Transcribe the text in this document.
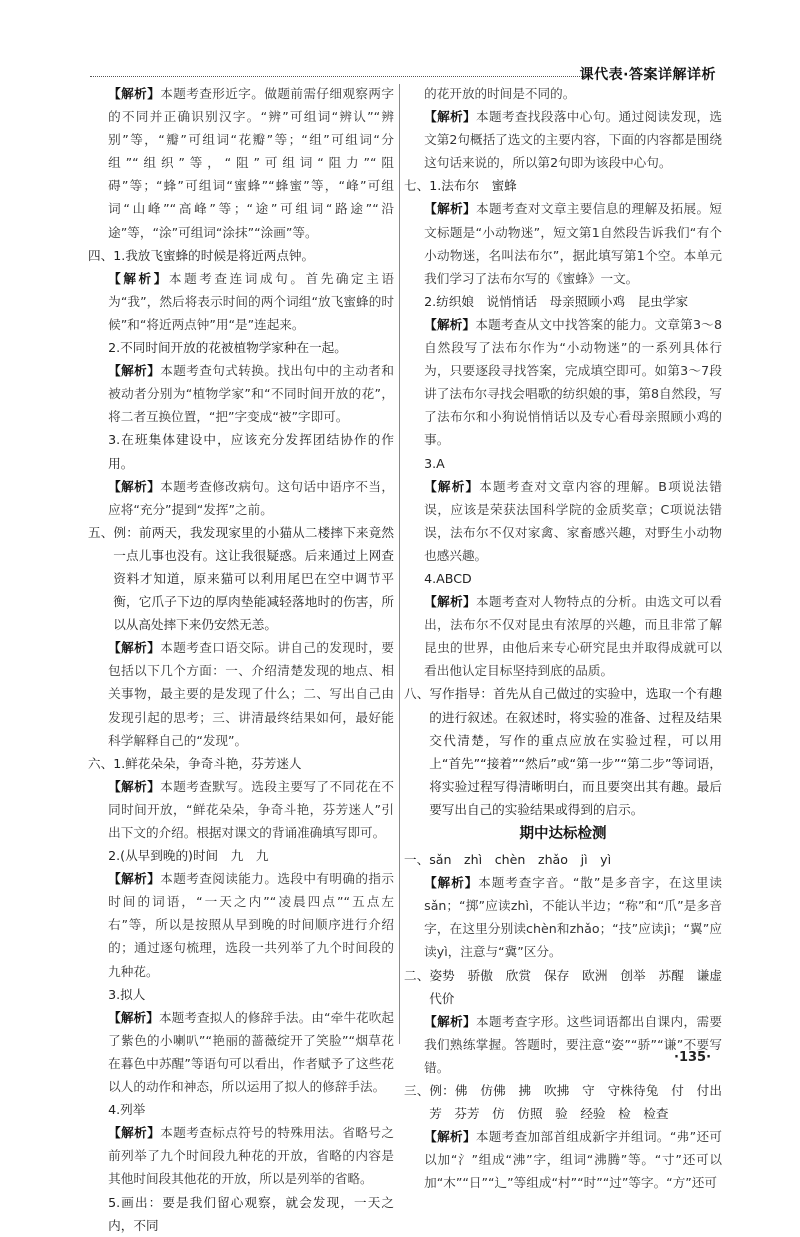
课代表·答案详解详析

【解析】本题考查形近字。做题前需仔细观察两字的不同并正确识别汉字。“辨”可组词“辨认”“辨别”等，“瓣”可组词“花瓣”等；“组”可组词“分组”“组织”等，“阻”可组词“阻力”“阻碍”等；“蜂”可组词“蜜蜂”“蜂蜜”等，“峰”可组词“山峰”“高峰”等；“途”可组词“路途”“沿途”等，“涂”可组词“涂抹”“涂画”等。

四、1.我放飞蜜蜂的时候是将近两点钟。

【解析】本题考查连词成句。首先确定主语为“我”，然后将表示时间的两个词组“放飞蜜蜂的时候”和“将近两点钟”用“是”连起来。

2.不同时间开放的花被植物学家种在一起。

【解析】本题考查句式转换。找出句中的主动者和被动者分别为“植物学家”和“不同时间开放的花”，将二者互换位置，“把”字变成“被”字即可。

3.在班集体建设中，应该充分发挥团结协作的作用。

【解析】本题考查修改病句。这句话中语序不当，应将“充分”提到“发挥”之前。

五、例：前两天，我发现家里的小猫从二楼摔下来竟然一点儿事也没有。这让我很疑惑。后来通过上网查资料才知道，原来猫可以利用尾巴在空中调节平衡，它爪子下边的厚肉垫能减轻落地时的伤害，所以从高处摔下来仍安然无恙。

【解析】本题考查口语交际。讲自己的发现时，要包括以下几个方面：一、介绍清楚发现的地点、相关事物，最主要的是发现了什么；二、写出自己由发现引起的思考；三、讲清最终结果如何，最好能科学解释自己的“发现”。

六、1.鲜花朵朵，争奇斗艳，芬芳迷人

【解析】本题考查默写。选段主要写了不同花在不同时间开放，“鲜花朵朵，争奇斗艳，芬芳迷人”引出下文的介绍。根据对课文的背诵准确填写即可。

2.(从早到晚的)时间　九　九

【解析】本题考查阅读能力。选段中有明确的指示时间的词语，“一天之内”“凌晨四点”“五点左右”等，所以是按照从早到晚的时间顺序进行介绍的；通过逐句梳理，选段一共列举了九个时间段的九种花。

3.拟人

【解析】本题考查拟人的修辞手法。由“牵牛花吹起了紫色的小喇叭”“艳丽的蔷薇绽开了笑脸”“烟草花在暮色中苏醒”等语句可以看出，作者赋予了这些花以人的动作和神态，所以运用了拟人的修辞手法。

4.列举

【解析】本题考查标点符号的特殊用法。省略号之前列举了九个时间段九种花的开放，省略的内容是其他时间段其他花的开放，所以是列举的省略。

5.画出：要是我们留心观察，就会发现，一天之内，不同

的花开放的时间是不同的。

【解析】本题考查找段落中心句。通过阅读发现，选文第2句概括了选文的主要内容，下面的内容都是围绕这句话来说的，所以第2句即为该段中心句。

七、1.法布尔　蜜蜂

【解析】本题考查对文章主要信息的理解及拓展。短文标题是“小动物迷”，短文第1自然段告诉我们“有个小动物迷，名叫法布尔”，据此填写第1个空。本单元我们学习了法布尔写的《蜜蜂》一文。

2.纺织娘　说悄悄话　母亲照顾小鸡　昆虫学家

【解析】本题考查从文中找答案的能力。文章第3～8自然段写了法布尔作为“小动物迷”的一系列具体行为，只要逐段寻找答案，完成填空即可。如第3～7段讲了法布尔寻找会唱歌的纺织娘的事，第8自然段，写了法布尔和小狗说悄悄话以及专心看母亲照顾小鸡的事。

3.A

【解析】本题考查对文章内容的理解。B项说法错误，应该是荣获法国科学院的金质奖章；C项说法错误，法布尔不仅对家禽、家畜感兴趣，对野生小动物也感兴趣。

4.ABCD

【解析】本题考查对人物特点的分析。由选文可以看出，法布尔不仅对昆虫有浓厚的兴趣，而且非常了解昆虫的世界，由他后来专心研究昆虫并取得成就可以看出他认定目标坚持到底的品质。

八、写作指导：首先从自己做过的实验中，选取一个有趣的进行叙述。在叙述时，将实验的准备、过程及结果交代清楚，写作的重点应放在实验过程，可以用上“首先”“接着”“然后”或“第一步”“第二步”等词语，将实验过程写得清晰明白，而且要突出其有趣。最后要写出自己的实验结果或得到的启示。

期中达标检测

一、sǎn　zhì　chèn　zhǎo　jì　yì

【解析】本题考查字音。“散”是多音字，在这里读sǎn；“掷”应读zhì，不能认半边；“称”和“爪”是多音字，在这里分别读chèn和zhǎo；“技”应读jì；“翼”应读yì，注意与“冀”区分。

二、姿势　骄傲　欣赏　保存　欧洲　创举　苏醒　谦虚　代价

【解析】本题考查字形。这些词语都出自课内，需要我们熟练掌握。答题时，要注意“姿”“骄”“谦”不要写错。

三、例：佛　仿佛　拂　吹拂　守　守株待兔　付　付出　芳　芬芳　仿　仿照　验　经验　检　检查

【解析】本题考查加部首组成新字并组词。“弗”还可以加“氵”组成“沸”字，组词“沸腾”等。“寸”还可以加“木”“日”“辶”等组成“村”“时”“过”等字。“方”还可

·135·
